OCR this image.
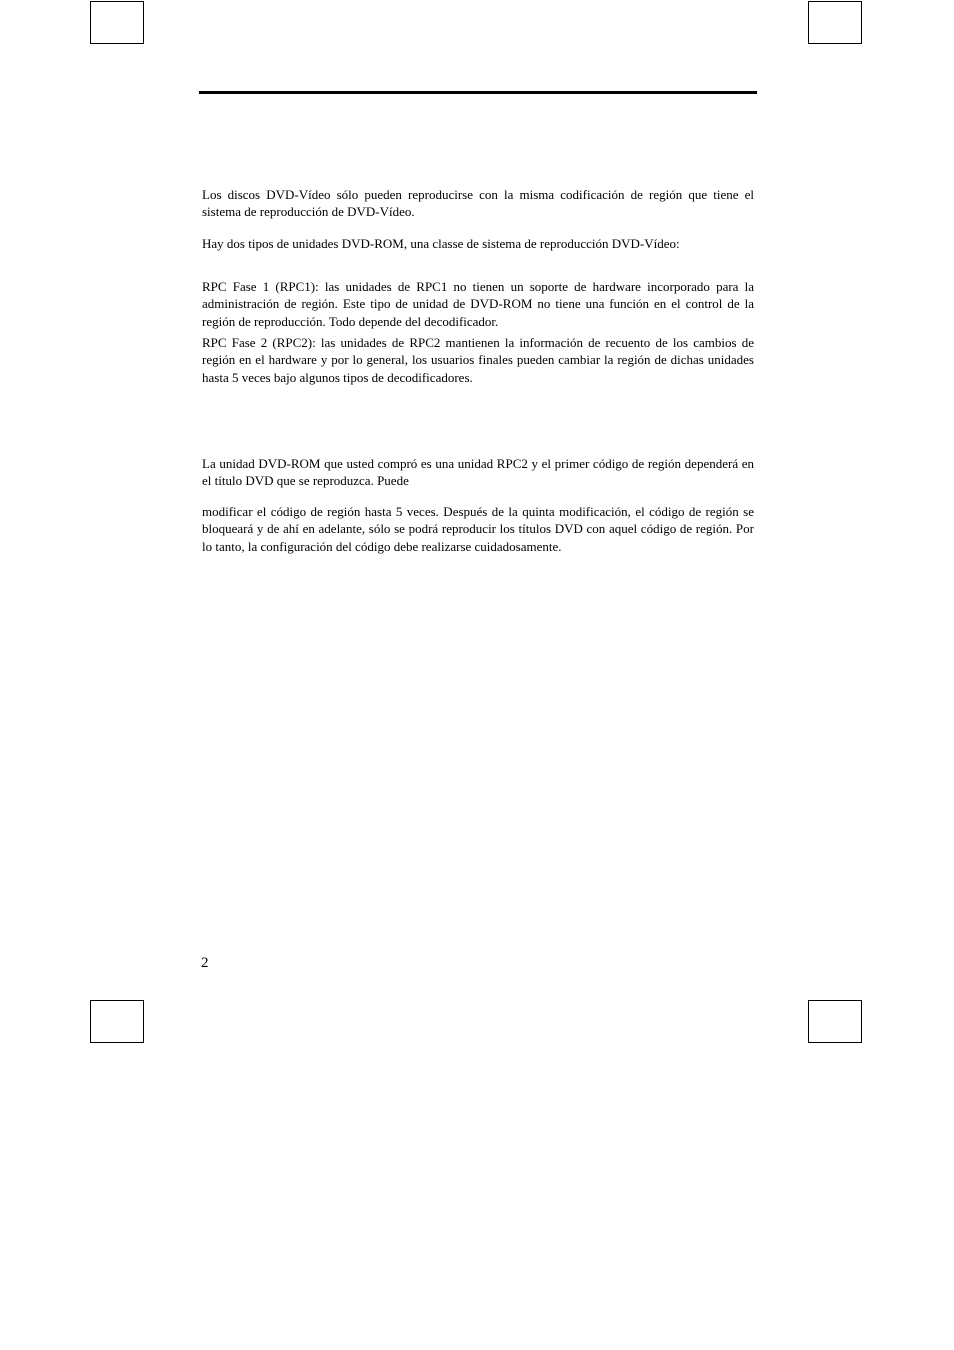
Los discos DVD-Vídeo sólo pueden reproducirse con la misma codificación de región que tiene el sistema de reproducción de DVD-Vídeo.

Hay dos tipos de unidades DVD-ROM, una classe de sistema de reproducción DVD-Vídeo:

RPC Fase 1 (RPC1): las unidades de RPC1 no tienen un soporte de hardware incorporado para la administración de región. Este tipo de unidad de DVD-ROM no tiene una función en el control de la región de reproducción. Todo depende del decodificador.

RPC Fase 2 (RPC2): las unidades de RPC2 mantienen la información de recuento de los cambios de región en el hardware y por lo general, los usuarios finales pueden cambiar la región de dichas unidades hasta 5 veces bajo algunos tipos de decodificadores.

La unidad DVD-ROM que usted compró es una unidad RPC2 y el primer código de región dependerá en el título DVD que se reproduzca. Puede

modificar el código de región hasta 5 veces. Después de la quinta modificación, el código de región se bloqueará y de ahí en adelante, sólo se podrá reproducir los títulos DVD con aquel código de región. Por lo tanto, la configuración del código debe realizarse cuidadosamente.

2
